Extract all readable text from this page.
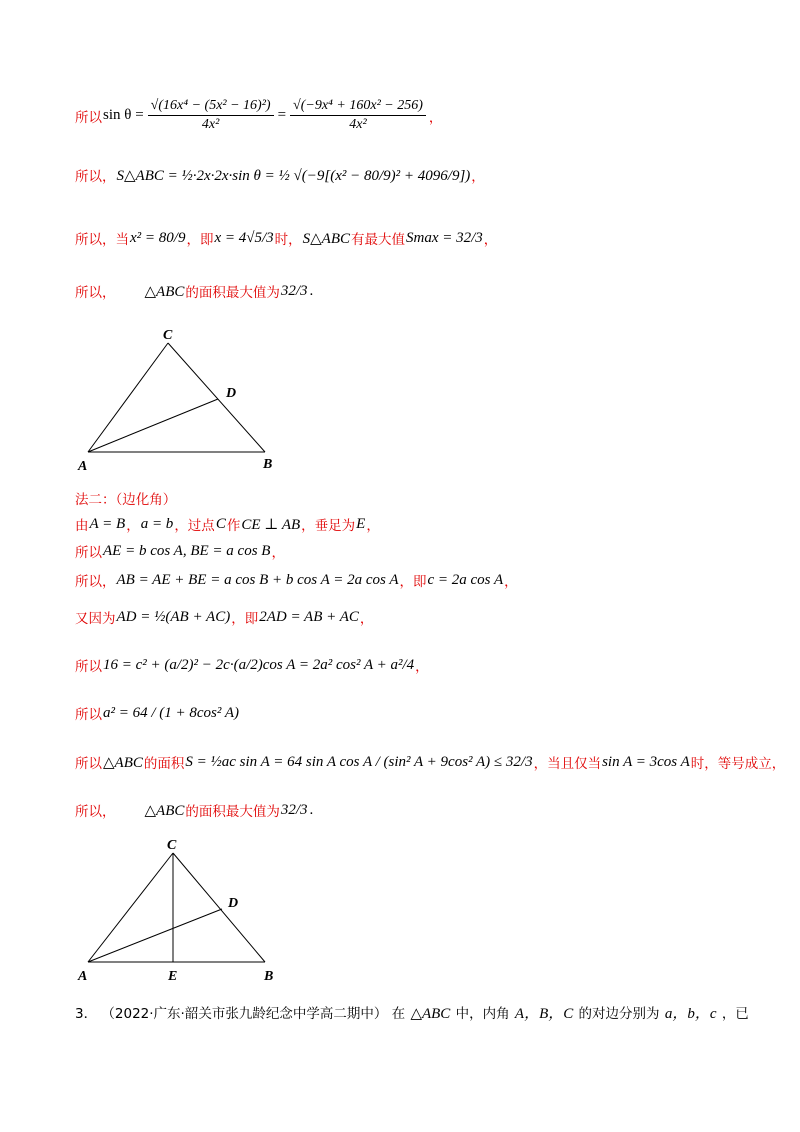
所以 $\sin \theta = \frac{\text{√(16x⁴ − (5x² − 16)²)}}{\text{4x²}} = \frac{\text{√(−9x⁴ + 160x² − 256)}}{\text{4x²}}$ ，
所以， S△ABC = ½·2x·2x·sin θ = ½ √(−9[(x² − 80/9)² + 4096/9]) ，
所以，当 x² = 80/9 ，即 x = 4√5/3 时， S△ABC 有最大值 Smax = 32/3 ，
所以， △ABC 的面积最大值为 32/3 .
C
D
A	B
法二：（边化角）
由 A = B ， a = b ，过点 C 作 CE ⊥ AB ，垂足为 E ，
所以 AE = b cos A, BE = a cos B ，
所以， AB = AE + BE = a cos B + b cos A = 2a cos A ，即 c = 2a cos A ，
又因为 AD = ½(AB + AC) ，即 2AD = AB + AC ，
所以 16 = c² + (a/2)² − 2c·(a/2)cos A = 2a² cos² A + a²/4 ，
所以 a² = 64 / (1 + 8cos² A)
所以 △ABC 的面积 S = ½ac sin A = 64 sin A cos A / (sin² A + 9cos² A) ≤ 32/3 ，当且仅当 sin A = 3cos A 时，等号成立，
所以， △ABC 的面积最大值为 32/3 .
C
D
A	E	B
3． （2022·广东·韶关市张九龄纪念中学高二期中） 在 △ABC 中，内角 A，B，C 的对边分别为 a，b，c ，已
